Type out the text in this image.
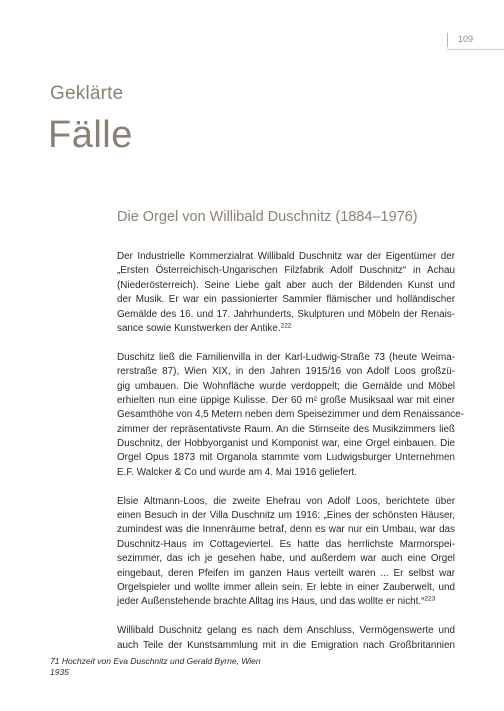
109
Geklärte
Fälle
Die Orgel von Willibald Duschnitz (1884–1976)

Der Industrielle Kommerzialrat Willibald Duschnitz war der Eigentümer der
„Ersten Österreichisch-Ungarischen Filzfabrik Adolf Duschnitz“ in Achau
(Niederösterreich). Seine Liebe galt aber auch der Bildenden Kunst und
der Musik. Er war ein passionierter Sammler flämischer und holländischer
Gemälde des 16. und 17. Jahrhunderts, Skulpturen und Möbeln der Renais-
sance sowie Kunstwerken der Antike.$^{222}$

Duschitz ließ die Familienvilla in der Karl-Ludwig-Straße 73 (heute Weima-
rerstraße 87), Wien XIX, in den Jahren 1915/16 von Adolf Loos großzü-
gig umbauen. Die Wohnfläche wurde verdoppelt; die Gemälde und Möbel
erhielten nun eine üppige Kulisse. Der 60 m² große Musiksaal war mit einer
Gesamthöhe von 4,5 Metern neben dem Speisezimmer und dem Renaissance-
zimmer der repräsentativste Raum. An die Stirnseite des Musikzimmers ließ
Duschnitz, der Hobbyorganist und Komponist war, eine Orgel einbauen. Die
Orgel Opus 1873 mit Organola stammte vom Ludwigsburger Unternehmen
E.F. Walcker & Co und wurde am 4. Mai 1916 geliefert.

Elsie Altmann-Loos, die zweite Ehefrau von Adolf Loos, berichtete über
einen Besuch in der Villa Duschnitz um 1916: „Eines der schönsten Häuser,
zumindest was die Innenräume betraf, denn es war nur ein Umbau, war das
Duschnitz-Haus im Cottageviertel. Es hatte das herrlichste Marmorspei-
sezimmer, das ich je gesehen habe, und außerdem war auch eine Orgel
eingebaut, deren Pfeifen im ganzen Haus verteilt waren ... Er selbst war
Orgelspieler und wollte immer allein sein. Er lebte in einer Zauberwelt, und
jeder Außenstehende brachte Alltag ins Haus, und das wollte er nicht.“$^{223}$

Willibald Duschnitz gelang es nach dem Anschluss, Vermögenswerte und
auch Teile der Kunstsammlung mit in die Emigration nach Großbritannien

71 Hochzeit von Eva Duschnitz und Gerald Byrne, Wien
1935
